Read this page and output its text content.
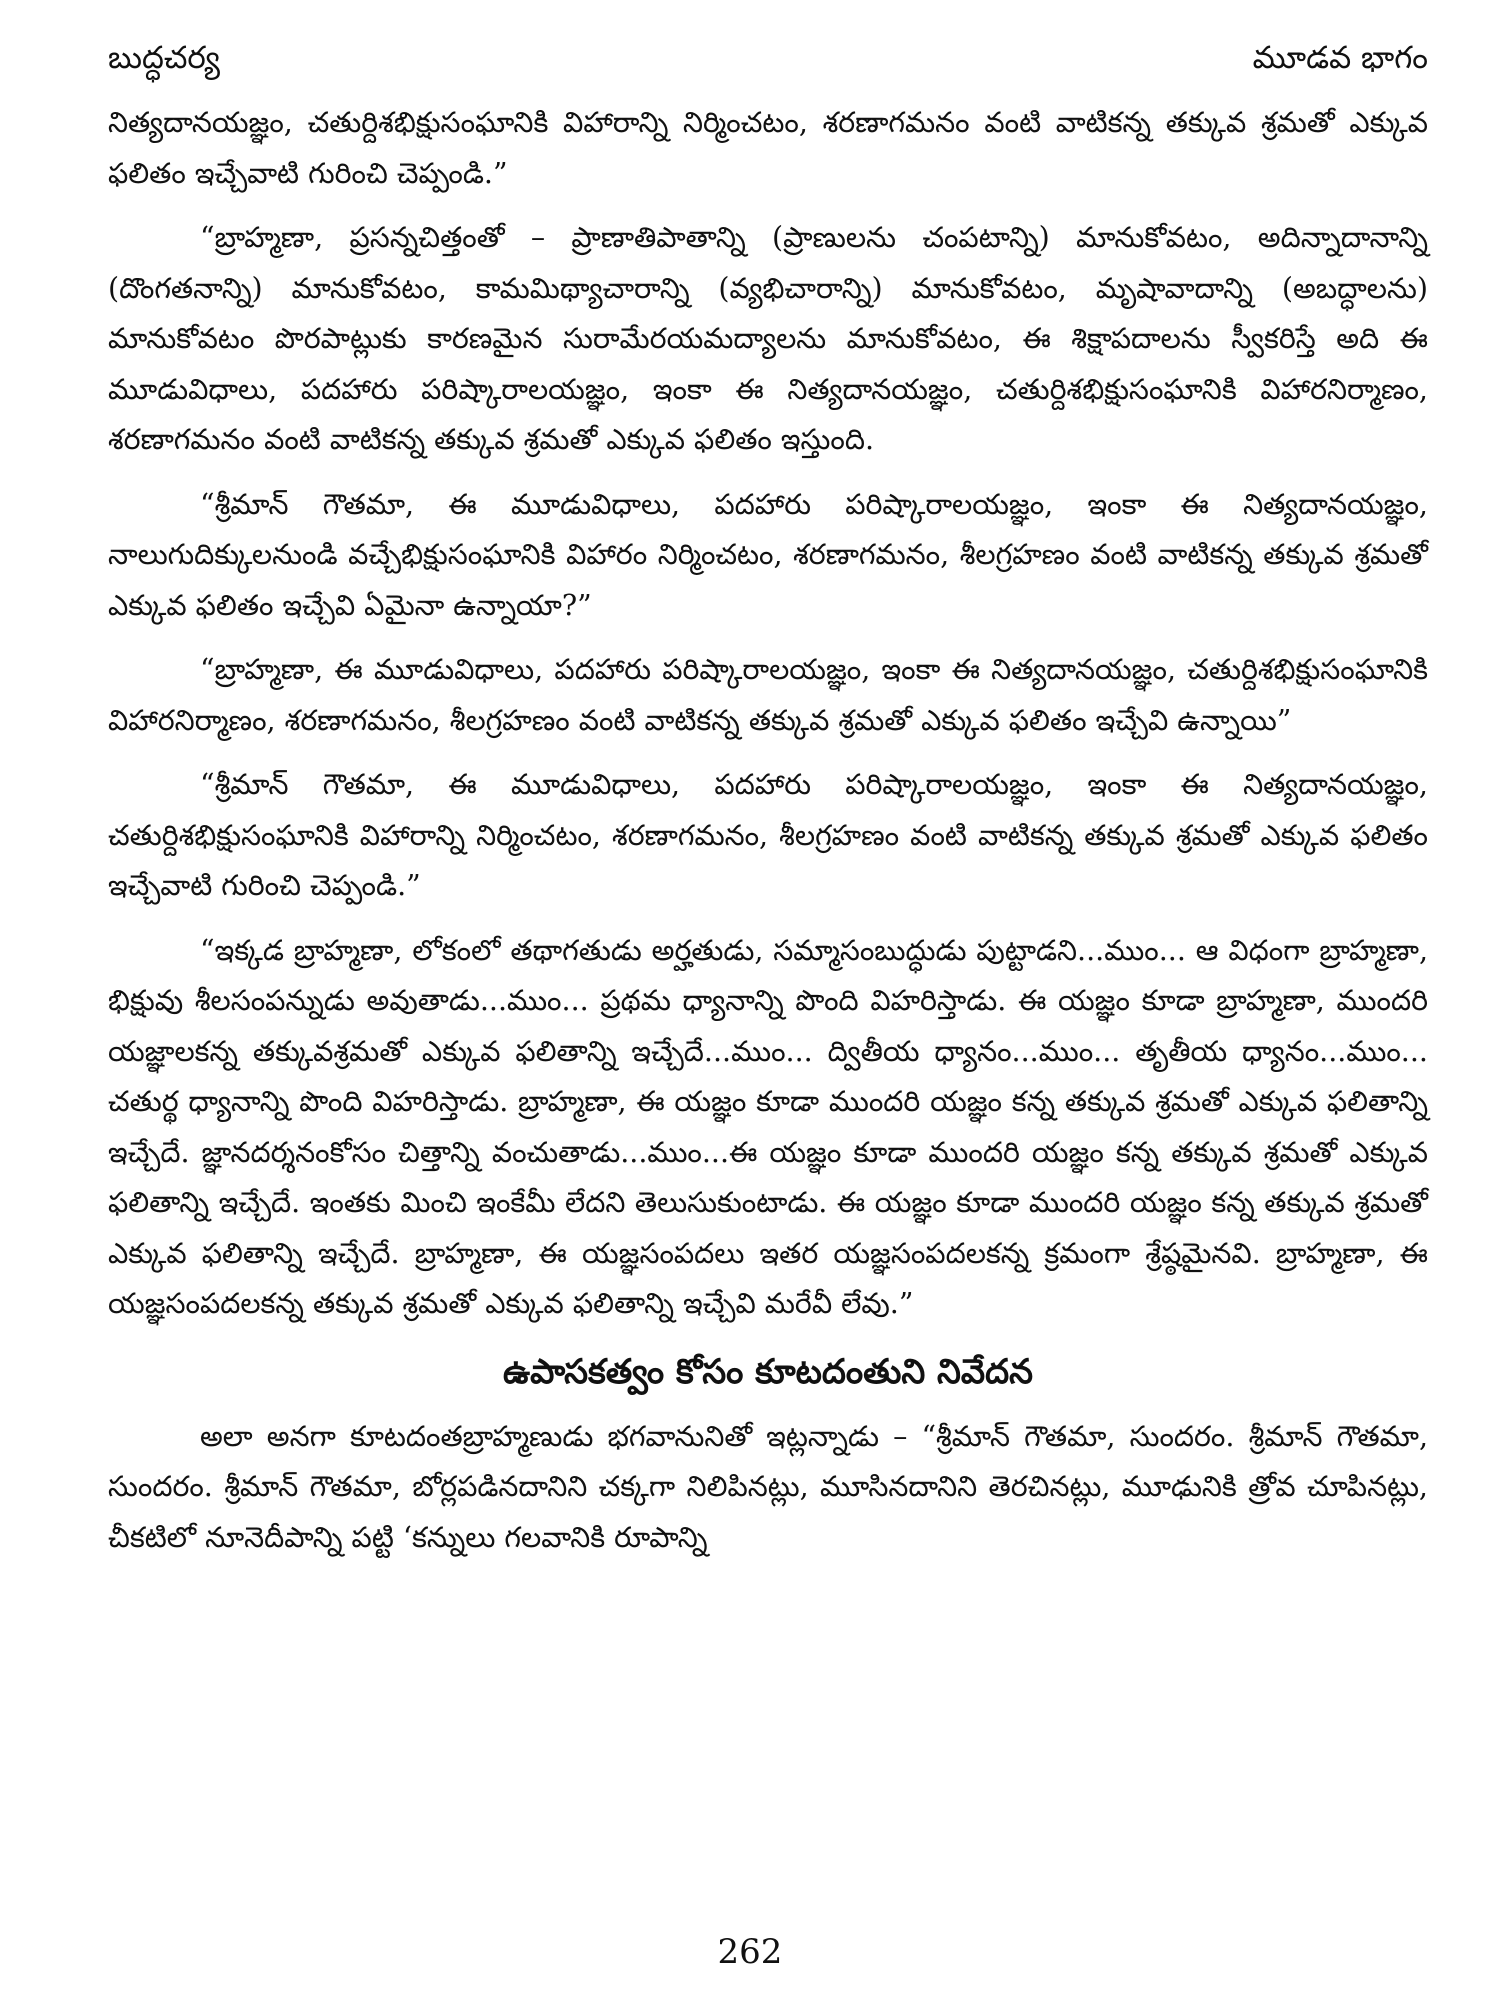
బుద్ధచర్య	మూడవ భాగం

నిత్యదానయజ్ఞం, చతుర్దిశభిక్షుసంఘానికి విహారాన్ని నిర్మించటం, శరణాగమనం వంటి వాటికన్న తక్కువ శ్రమతో ఎక్కువ ఫలితం ఇచ్చేవాటి గురించి చెప్పండి.”

“బ్రాహ్మణా, ప్రసన్నచిత్తంతో – ప్రాణాతిపాతాన్ని (ప్రాణులను చంపటాన్ని) మానుకోవటం, అదిన్నాదానాన్ని (దొంగతనాన్ని) మానుకోవటం, కామమిథ్యాచారాన్ని (వ్యభిచారాన్ని) మానుకోవటం, మృషావాదాన్ని (అబద్ధాలను) మానుకోవటం పొరపాట్లుకు కారణమైన సురామేరయమద్యాలను మానుకోవటం, ఈ శిక్షాపదాలను స్వీకరిస్తే అది ఈ మూడువిధాలు, పదహారు పరిష్కారాలయజ్ఞం, ఇంకా ఈ నిత్యదానయజ్ఞం, చతుర్దిశభిక్షుసంఘానికి విహారనిర్మాణం, శరణాగమనం వంటి వాటికన్న తక్కువ శ్రమతో ఎక్కువ ఫలితం ఇస్తుంది.

“శ్రీమాన్ గౌతమా, ఈ మూడువిధాలు, పదహారు పరిష్కారాలయజ్ఞం, ఇంకా ఈ నిత్యదానయజ్ఞం, నాలుగుదిక్కులనుండి వచ్చేభిక్షుసంఘానికి విహారం నిర్మించటం, శరణాగమనం, శీలగ్రహణం వంటి వాటికన్న తక్కువ శ్రమతో ఎక్కువ ఫలితం ఇచ్చేవి ఏమైనా ఉన్నాయా?”

“బ్రాహ్మణా, ఈ మూడువిధాలు, పదహారు పరిష్కారాలయజ్ఞం, ఇంకా ఈ నిత్యదానయజ్ఞం, చతుర్దిశభిక్షుసంఘానికి విహారనిర్మాణం, శరణాగమనం, శీలగ్రహణం వంటి వాటికన్న తక్కువ శ్రమతో ఎక్కువ ఫలితం ఇచ్చేవి ఉన్నాయి”

“శ్రీమాన్ గౌతమా, ఈ మూడువిధాలు, పదహారు పరిష్కారాలయజ్ఞం, ఇంకా ఈ నిత్యదానయజ్ఞం, చతుర్దిశభిక్షుసంఘానికి విహారాన్ని నిర్మించటం, శరణాగమనం, శీలగ్రహణం వంటి వాటికన్న తక్కువ శ్రమతో ఎక్కువ ఫలితం ఇచ్చేవాటి గురించి చెప్పండి.”

“ఇక్కడ బ్రాహ్మణా, లోకంలో తథాగతుడు అర్హతుడు, సమ్మాసంబుద్ధుడు పుట్టాడని...ముం... ఆ విధంగా బ్రాహ్మణా, భిక్షువు శీలసంపన్నుడు అవుతాడు...ముం... ప్రథమ ధ్యానాన్ని పొంది విహరిస్తాడు. ఈ యజ్ఞం కూడా బ్రాహ్మణా, ముందరి యజ్ఞాలకన్న తక్కువశ్రమతో ఎక్కువ ఫలితాన్ని ఇచ్చేదే...ముం... ద్వితీయ ధ్యానం...ముం... తృతీయ ధ్యానం...ముం... చతుర్థ ధ్యానాన్ని పొంది విహరిస్తాడు. బ్రాహ్మణా, ఈ యజ్ఞం కూడా ముందరి యజ్ఞం కన్న తక్కువ శ్రమతో ఎక్కువ ఫలితాన్ని ఇచ్చేదే. జ్ఞానదర్శనంకోసం చిత్తాన్ని వంచుతాడు...ముం...ఈ యజ్ఞం కూడా ముందరి యజ్ఞం కన్న తక్కువ శ్రమతో ఎక్కువ ఫలితాన్ని ఇచ్చేదే. ఇంతకు మించి ఇంకేమీ లేదని తెలుసుకుంటాడు. ఈ యజ్ఞం కూడా ముందరి యజ్ఞం కన్న తక్కువ శ్రమతో ఎక్కువ ఫలితాన్ని ఇచ్చేదే. బ్రాహ్మణా, ఈ యజ్ఞసంపదలు ఇతర యజ్ఞసంపదలకన్న క్రమంగా శ్రేష్ఠమైనవి. బ్రాహ్మణా, ఈ యజ్ఞసంపదలకన్న తక్కువ శ్రమతో ఎక్కువ ఫలితాన్ని ఇచ్చేవి మరేవీ లేవు.”

ఉపాసకత్వం కోసం కూటదంతుని నివేదన

అలా అనగా కూటదంతబ్రాహ్మణుడు భగవానునితో ఇట్లన్నాడు – “శ్రీమాన్ గౌతమా, సుందరం. శ్రీమాన్ గౌతమా, సుందరం. శ్రీమాన్ గౌతమా, బోర్లపడినదానిని చక్కగా నిలిపినట్లు, మూసినదానిని తెరచినట్లు, మూఢునికి త్రోవ చూపినట్లు, చీకటిలో నూనెదీపాన్ని పట్టి ‘కన్నులు గలవానికి రూపాన్ని

262
